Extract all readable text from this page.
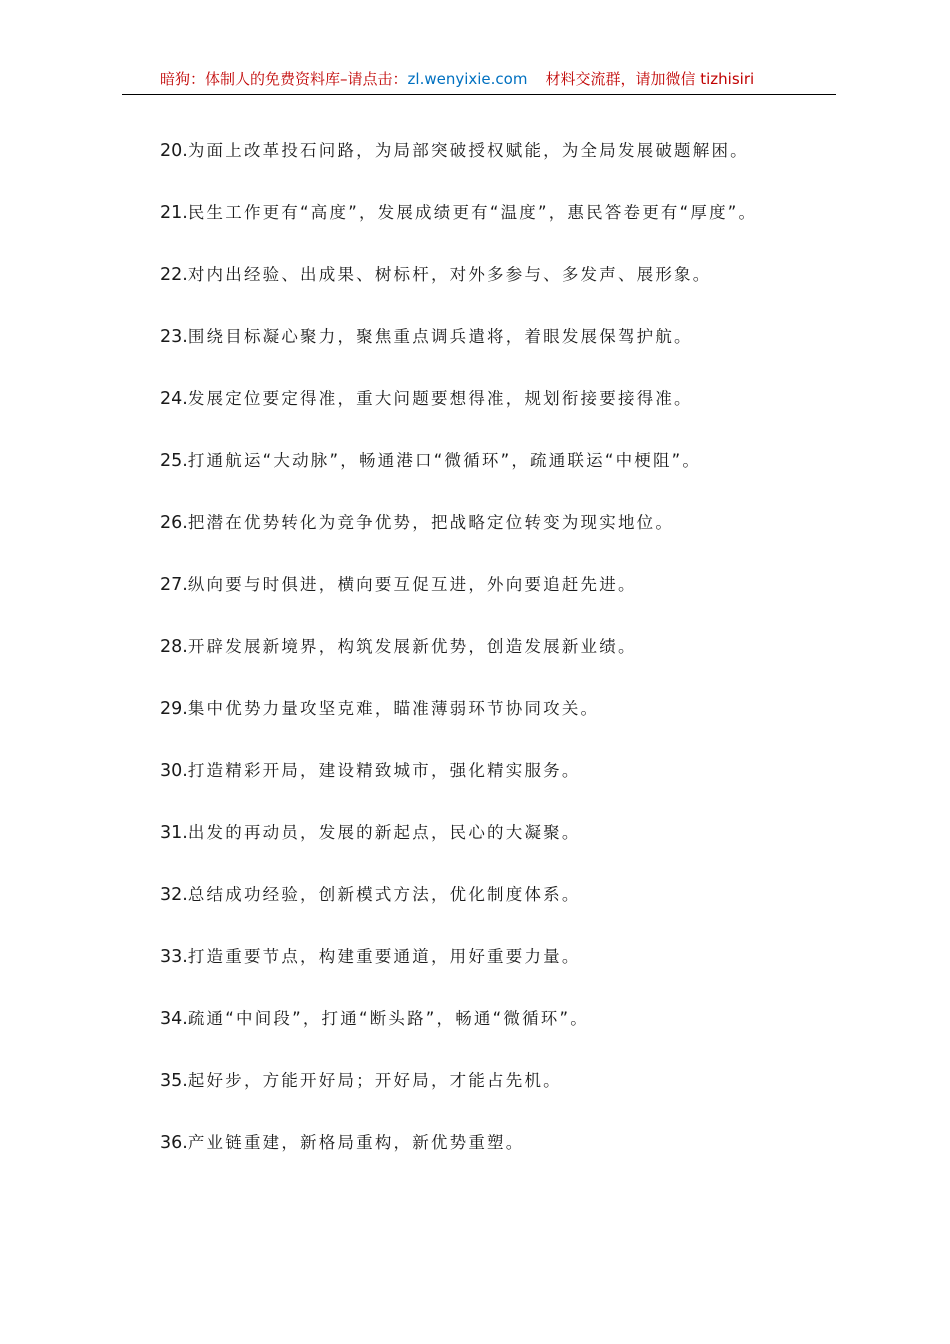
暗狗：体制人的免费资料库–请点击：zl.wenyixie.com 材料交流群，请加微信 tizhisiri
20.为面上改革投石问路，为局部突破授权赋能，为全局发展破题解困。
21.民生工作更有“高度”，发展成绩更有“温度”，惠民答卷更有“厚度”。
22.对内出经验、出成果、树标杆，对外多参与、多发声、展形象。
23.围绕目标凝心聚力，聚焦重点调兵遣将，着眼发展保驾护航。
24.发展定位要定得准，重大问题要想得准，规划衔接要接得准。
25.打通航运“大动脉”，畅通港口“微循环”，疏通联运“中梗阻”。
26.把潜在优势转化为竞争优势，把战略定位转变为现实地位。
27.纵向要与时俱进，横向要互促互进，外向要追赶先进。
28.开辟发展新境界，构筑发展新优势，创造发展新业绩。
29.集中优势力量攻坚克难，瞄准薄弱环节协同攻关。
30.打造精彩开局，建设精致城市，强化精实服务。
31.出发的再动员，发展的新起点，民心的大凝聚。
32.总结成功经验，创新模式方法，优化制度体系。
33.打造重要节点，构建重要通道，用好重要力量。
34.疏通“中间段”，打通“断头路”，畅通“微循环”。
35.起好步，方能开好局；开好局，才能占先机。
36.产业链重建，新格局重构，新优势重塑。
